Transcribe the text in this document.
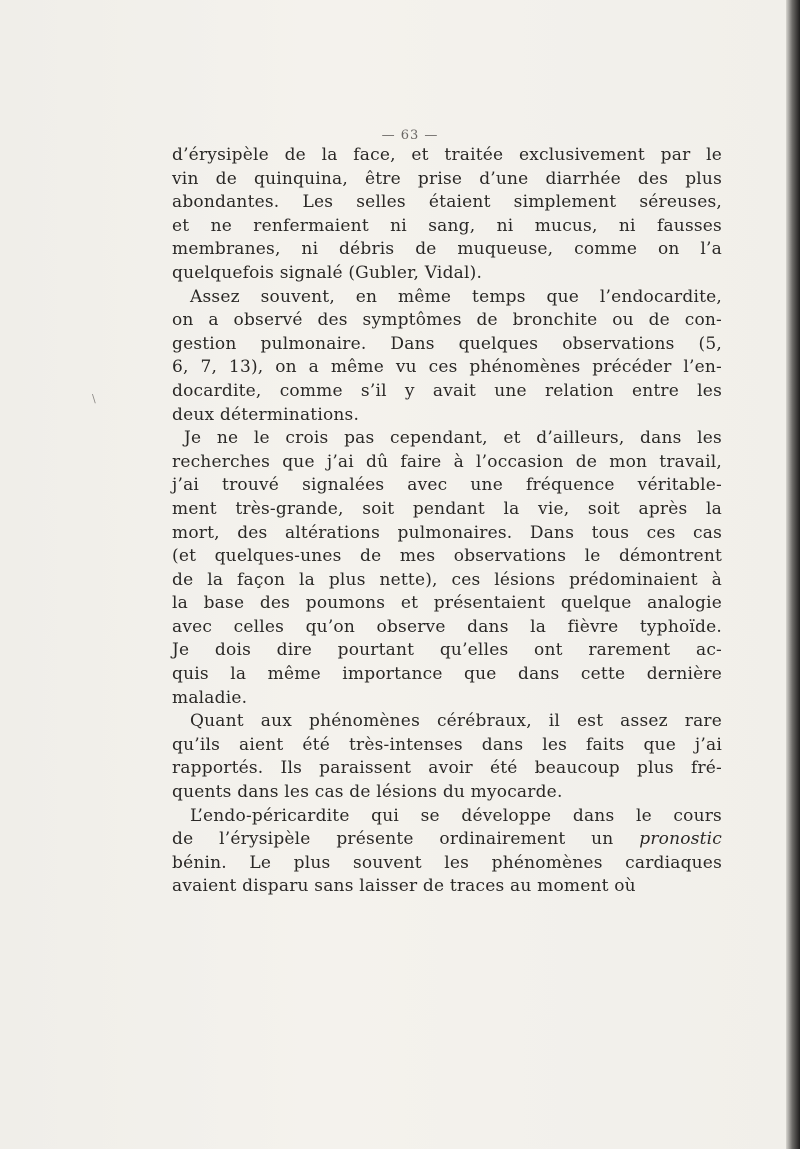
— 63 —
\
d’érysipèle de la face, et traitée exclusivement par le
vin de quinquina, être prise d’une diarrhée des plus
abondantes. Les selles étaient simplement séreuses,
et ne renfermaient ni sang, ni mucus, ni fausses
membranes, ni débris de muqueuse, comme on l’a
quelquefois signalé (Gubler, Vidal).
Assez souvent, en même temps que l’endocardite,
on a observé des symptômes de bronchite ou de con-
gestion pulmonaire. Dans quelques observations (5,
6, 7, 13), on a même vu ces phénomènes précéder l’en-
docardite, comme s’il y avait une relation entre les
deux déterminations.
Je ne le crois pas cependant, et d’ailleurs, dans les
recherches que j’ai dû faire à l’occasion de mon travail,
j’ai trouvé signalées avec une fréquence véritable-
ment très-grande, soit pendant la vie, soit après la
mort, des altérations pulmonaires. Dans tous ces cas
(et quelques-unes de mes observations le démontrent
de la façon la plus nette), ces lésions prédominaient à
la base des poumons et présentaient quelque analogie
avec celles qu’on observe dans la fièvre typhoïde.
Je dois dire pourtant qu’elles ont rarement ac-
quis la même importance que dans cette dernière
maladie.
Quant aux phénomènes cérébraux, il est assez rare
qu’ils aient été très-intenses dans les faits que j’ai
rapportés. Ils paraissent avoir été beaucoup plus fré-
quents dans les cas de lésions du myocarde.
L’endo-péricardite qui se développe dans le cours
de l’érysipèle présente ordinairement un pronostic
bénin. Le plus souvent les phénomènes cardiaques
avaient disparu sans laisser de traces au moment où
